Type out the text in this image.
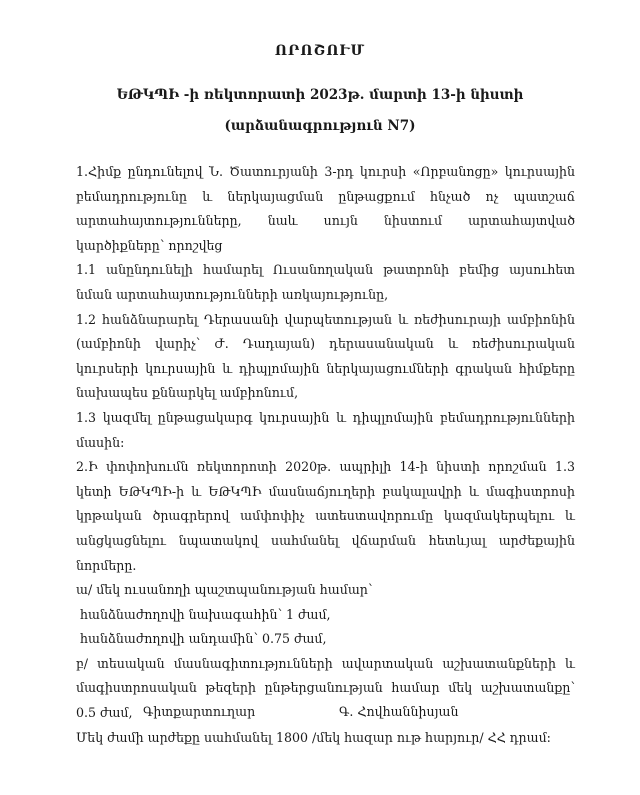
ՈՐՈՇՈՒՄ

ԵԹԿՊԻ -ի ռեկտորատի 2023թ. մարտի 13-ի նիստի

(արձանագրություն N7)

1.Հիմք ընդունելով Ն. Ծատուրյանի 3-րդ կուրսի «Որբանոցը» կուրսային բեմադրությունը և ներկայացման ընթացքում հնչած ոչ պատշաճ արտահայտությունները, նաև սույն նիստում արտահայտված կարծիքները՝ որոշվեց

1.1 անընդունելի համարել Ուսանողական թատրոնի բեմից այսուհետ նման արտահայտությունների առկայությունը,

1.2 հանձնարարել Դերասանի վարպետության և ռեժիսուրայի ամբիոնին (ամբիոնի վարիչ՝ Ժ. Դադայան) դերասանական և ռեժիսուրական կուրսերի կուրսային և դիպլոմային ներկայացումների գրական հիմքերը նախապես քննարկել ամբիոնում,

1.3 կազմել ընթացակարգ կուրսային և դիպլոմային բեմադրությունների մասին:

2.Ի փոփոխումն ռեկտորոտի 2020թ. ապրիլի 14-ի նիստի որոշման 1.3 կետի ԵԹԿՊԻ-ի և ԵԹԿՊԻ մասնաճյուղերի բակալավրի և մագիստրոսի կրթական ծրագրերով ամփոփիչ ատեստավորումը կազմակերպելու և անցկացնելու նպատակով սահմանել վճարման հետևյալ արժեքային նորմերը.

ա/ մեկ ուսանողի պաշտպանության համար՝

հանձնաժողովի նախագահին՝ 1 ժամ,

հանձնաժողովի անդամին՝ 0.75 ժամ,

բ/ տեսական մասնագիտությունների ավարտական աշխատանքների և մագիստրոսական թեզերի ընթերցանության համար մեկ աշխատանքը՝ 0.5 ժամ,

Մեկ ժամի արժեքը սահմանել 1800 /մեկ հազար ութ հարյուր/ ՀՀ դրամ:

Գիտքարտուղար	Գ. Հովհաննիսյան
